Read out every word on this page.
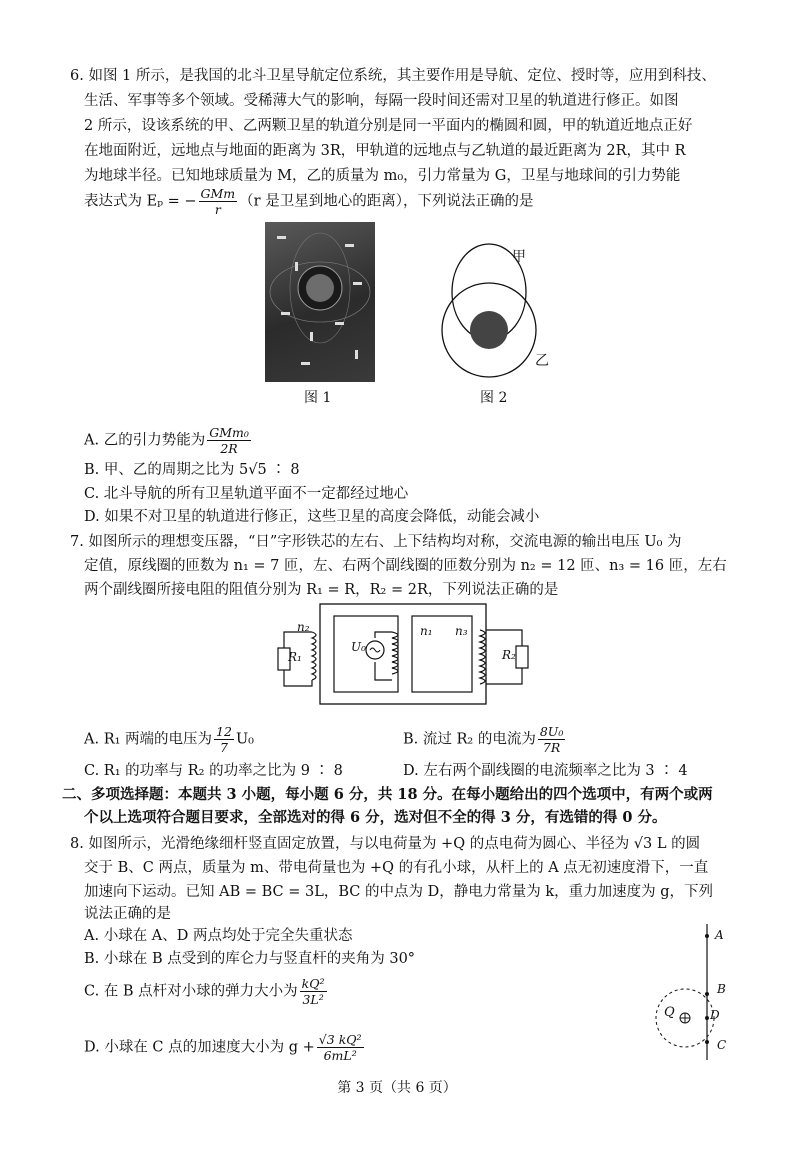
6. 如图 1 所示，是我国的北斗卫星导航定位系统，其主要作用是导航、定位、授时等，应用到科技、
生活、军事等多个领域。受稀薄大气的影响，每隔一段时间还需对卫星的轨道进行修正。如图
2 所示，设该系统的甲、乙两颗卫星的轨道分别是同一平面内的椭圆和圆，甲的轨道近地点正好
在地面附近，远地点与地面的距离为 3R，甲轨道的远地点与乙轨道的最近距离为 2R，其中 R
为地球半径。已知地球质量为 M，乙的质量为 m₀，引力常量为 G，卫星与地球间的引力势能
表达式为 Eₚ = − $\frac{\text{GMm}}{r} (r$ 是卫星到地心的距离），下列说法正确的是
图 1
甲
乙
图 2
A. 乙的引力势能为 $\frac{\text{GMm₀}}{2R}$
B. 甲、乙的周期之比为 5√5 ∶ 8
C. 北斗导航的所有卫星轨道平面不一定都经过地心
D. 如果不对卫星的轨道进行修正，这些卫星的高度会降低，动能会减小
7. 如图所示的理想变压器，“日”字形铁芯的左右、上下结构均对称，交流电源的输出电压 U₀ 为
定值，原线圈的匝数为 n₁ = 7 匝，左、右两个副线圈的匝数分别为 n₂ = 12 匝、n₃ = 16 匝，左右
两个副线圈所接电阻的阻值分别为 R₁ = R，R₂ = 2R，下列说法正确的是
n₂
U₀
n₁ n₃
R₁	R₂
A. R₁ 两端的电压为 $\frac{12}{7} U_0$	B. 流过 R₂ 的电流为 $\frac{\text{8U₀}}{7R}$
C. R₁ 的功率与 R₂ 的功率之比为 9 ∶ 8	D. 左右两个副线圈的电流频率之比为 3 ∶ 4
二、多项选择题：本题共 3 小题，每小题 6 分，共 18 分。在每小题给出的四个选项中，有两个或两
个以上选项符合题目要求，全部选对的得 6 分，选对但不全的得 3 分，有选错的得 0 分。
8. 如图所示，光滑绝缘细杆竖直固定放置，与以电荷量为 +Q 的点电荷为圆心、半径为 √3 L 的圆
交于 B、C 两点，质量为 m、带电荷量也为 +Q 的有孔小球，从杆上的 A 点无初速度滑下，一直
加速向下运动。已知 AB = BC = 3L，BC 的中点为 D，静电力常量为 k，重力加速度为 g，下列
说法正确的是
A. 小球在 A、D 两点均处于完全失重状态
B. 小球在 B 点受到的库仑力与竖直杆的夹角为 30°
C. 在 B 点杆对小球的弹力大小为 $\frac{\text{kQ²}}{\text{3L²}}$
D. 小球在 C 点的加速度大小为 $g + \frac{\text{√3 kQ²}}{\text{6mL²}}$
A
B
D
C
Q
第 3 页（共 6 页）
